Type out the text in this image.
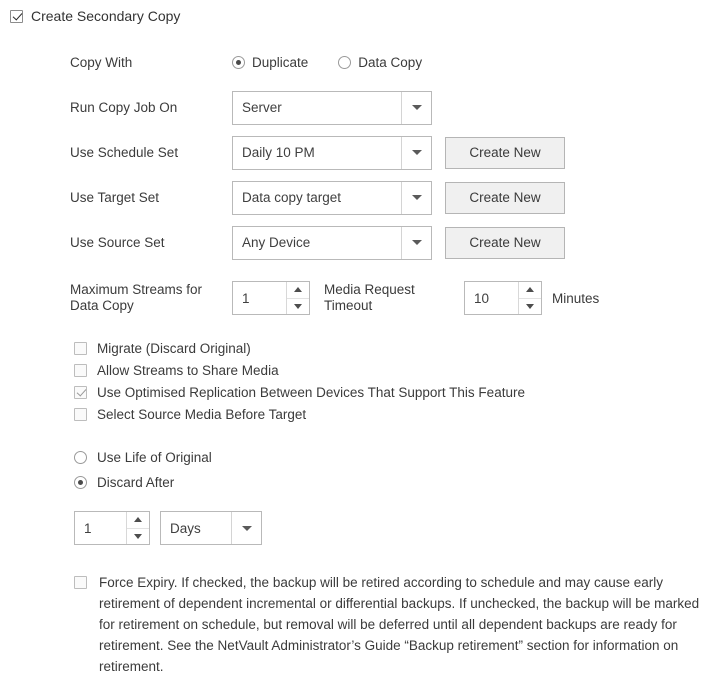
Create Secondary Copy
Copy With	Duplicate	Data Copy
Run Copy Job On	Server
Use Schedule Set	Daily 10 PM	Create New
Use Target Set	Data copy target	Create New
Use Source Set	Any Device	Create New
Maximum Streams for Data Copy	1
Media Request Timeout	10	Minutes
Migrate (Discard Original)
Allow Streams to Share Media
Use Optimised Replication Between Devices That Support This Feature
Select Source Media Before Target
Use Life of Original
Discard After
1	Days
Force Expiry. If checked, the backup will be retired according to schedule and may cause early retirement of dependent incremental or differential backups. If unchecked, the backup will be marked for retirement on schedule, but removal will be deferred until all dependent backups are ready for retirement. See the NetVault Administrator’s Guide “Backup retirement” section for information on retirement.
